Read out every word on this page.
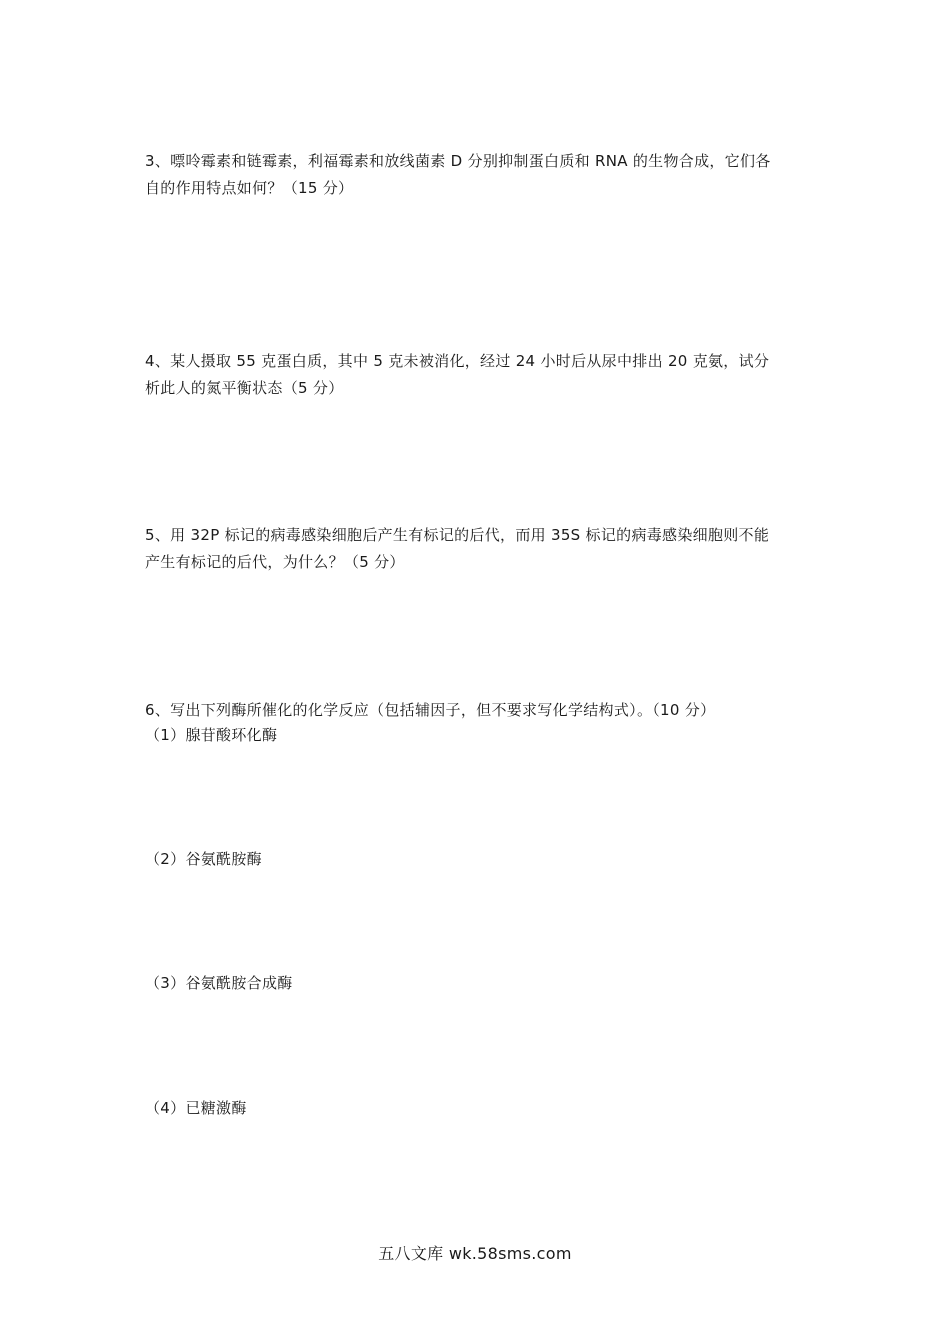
3、嘌呤霉素和链霉素，利福霉素和放线菌素 D 分别抑制蛋白质和 RNA 的生物合成，它们各
自的作用特点如何？（15 分）
4、某人摄取 55 克蛋白质，其中 5 克未被消化，经过 24 小时后从尿中排出 20 克氨，试分
析此人的氮平衡状态（5 分）
5、用 32P 标记的病毒感染细胞后产生有标记的后代，而用 35S 标记的病毒感染细胞则不能
产生有标记的后代，为什么？（5 分）
6、写出下列酶所催化的化学反应（包括辅因子，但不要求写化学结构式）。（10 分）
（1）腺苷酸环化酶
（2）谷氨酰胺酶
（3）谷氨酰胺合成酶
（4）已糖激酶
五八文库 wk.58sms.com
